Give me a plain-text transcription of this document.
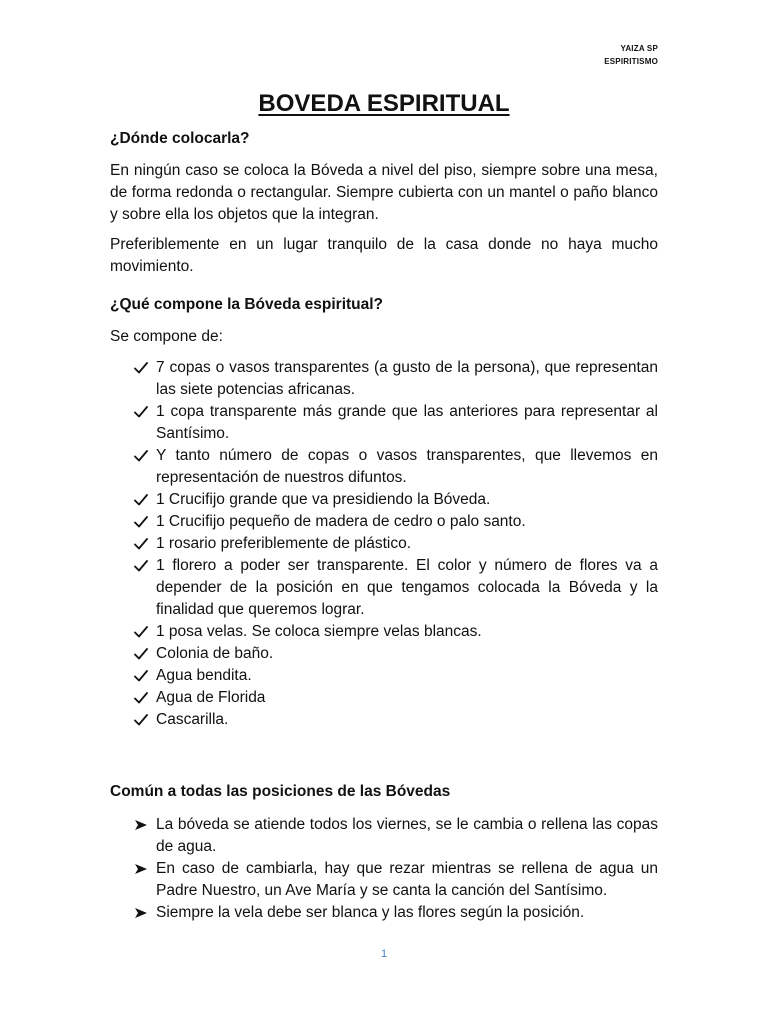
YAIZA SP
ESPIRITISMO
BOVEDA ESPIRITUAL

¿Dónde colocarla?

En ningún caso se coloca la Bóveda a nivel del piso, siempre sobre una mesa, de forma redonda o rectangular. Siempre cubierta con un mantel o paño blanco y sobre ella los objetos que la integran.

Preferiblemente en un lugar tranquilo de la casa donde no haya mucho movimiento.

¿Qué compone la Bóveda espiritual?

Se compone de:

7 copas o vasos transparentes (a gusto de la persona), que representan las siete potencias africanas.
1 copa transparente más grande que las anteriores para representar al Santísimo.
Y tanto número de copas o vasos transparentes, que llevemos en representación de nuestros difuntos.
1 Crucifijo grande que va presidiendo la Bóveda.
1 Crucifijo pequeño de madera de cedro o palo santo.
1 rosario preferiblemente de plástico.
1 florero a poder ser transparente. El color y número de flores va a depender de la posición en que tengamos colocada la Bóveda y la finalidad que queremos lograr.
1 posa velas. Se coloca siempre velas blancas.
Colonia de baño.
Agua bendita.
Agua de Florida
Cascarilla.

Común a todas las posiciones de las Bóvedas

La bóveda se atiende todos los viernes, se le cambia o rellena las copas de agua.
En caso de cambiarla, hay que rezar mientras se rellena de agua un Padre Nuestro, un Ave María y se canta la canción del Santísimo.
Siempre la vela debe ser blanca y las flores según la posición.
1
